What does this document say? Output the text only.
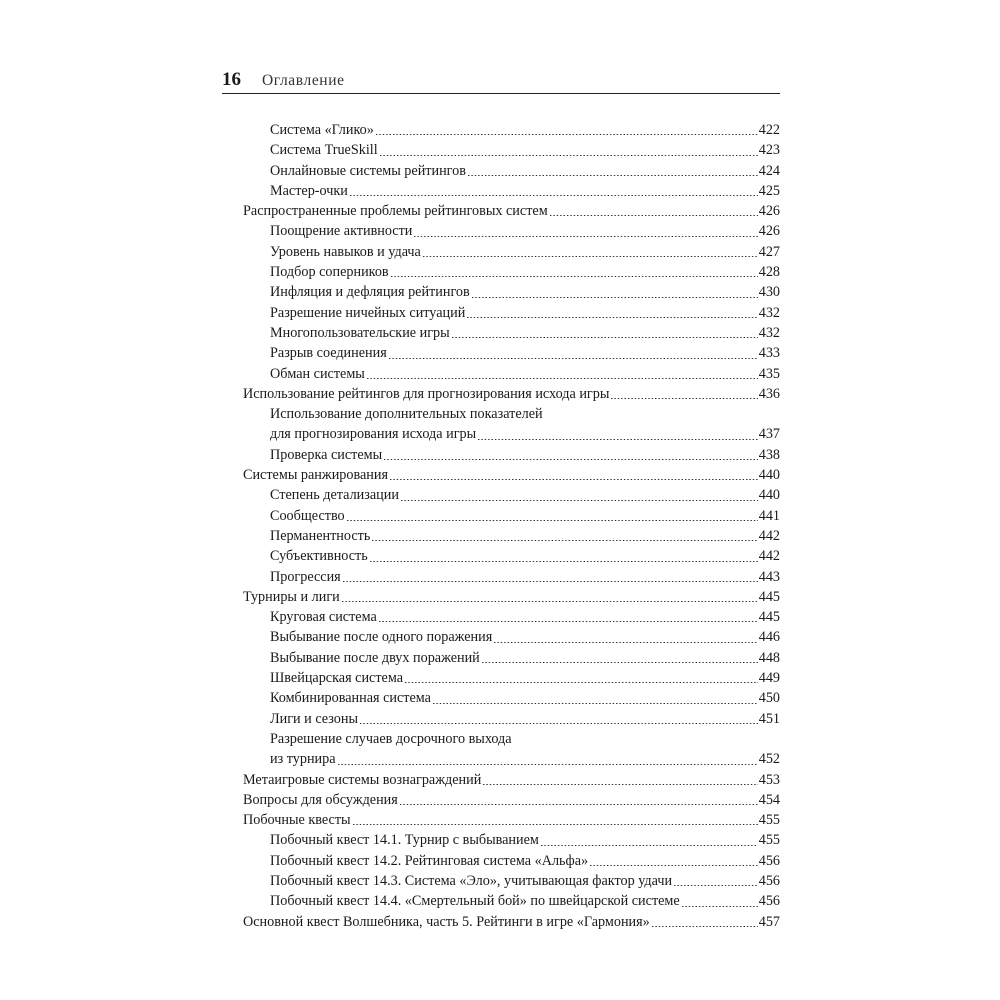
16 Оглавление
Система «Глико»	422
Система TrueSkill	423
Онлайновые системы рейтингов	424
Мастер-очки	425
Распространенные проблемы рейтинговых систем	426
Поощрение активности	426
Уровень навыков и удача	427
Подбор соперников	428
Инфляция и дефляция рейтингов	430
Разрешение ничейных ситуаций	432
Многопользовательские игры	432
Разрыв соединения	433
Обман системы	435
Использование рейтингов для прогнозирования исхода игры	436
Использование дополнительных показателей
для прогнозирования исхода игры	437
Проверка системы	438
Системы ранжирования	440
Степень детализации	440
Сообщество	441
Перманентность	442
Субъективность	442
Прогрессия	443
Турниры и лиги	445
Круговая система	445
Выбывание после одного поражения	446
Выбывание после двух поражений	448
Швейцарская система	449
Комбинированная система	450
Лиги и сезоны	451
Разрешение случаев досрочного выхода
из турнира	452
Метаигровые системы вознаграждений	453
Вопросы для обсуждения	454
Побочные квесты	455
Побочный квест 14.1. Турнир с выбыванием	455
Побочный квест 14.2. Рейтинговая система «Альфа»	456
Побочный квест 14.3. Система «Эло», учитывающая фактор удачи	456
Побочный квест 14.4. «Смертельный бой» по швейцарской системе	456
Основной квест Волшебника, часть 5. Рейтинги в игре «Гармония»	457
